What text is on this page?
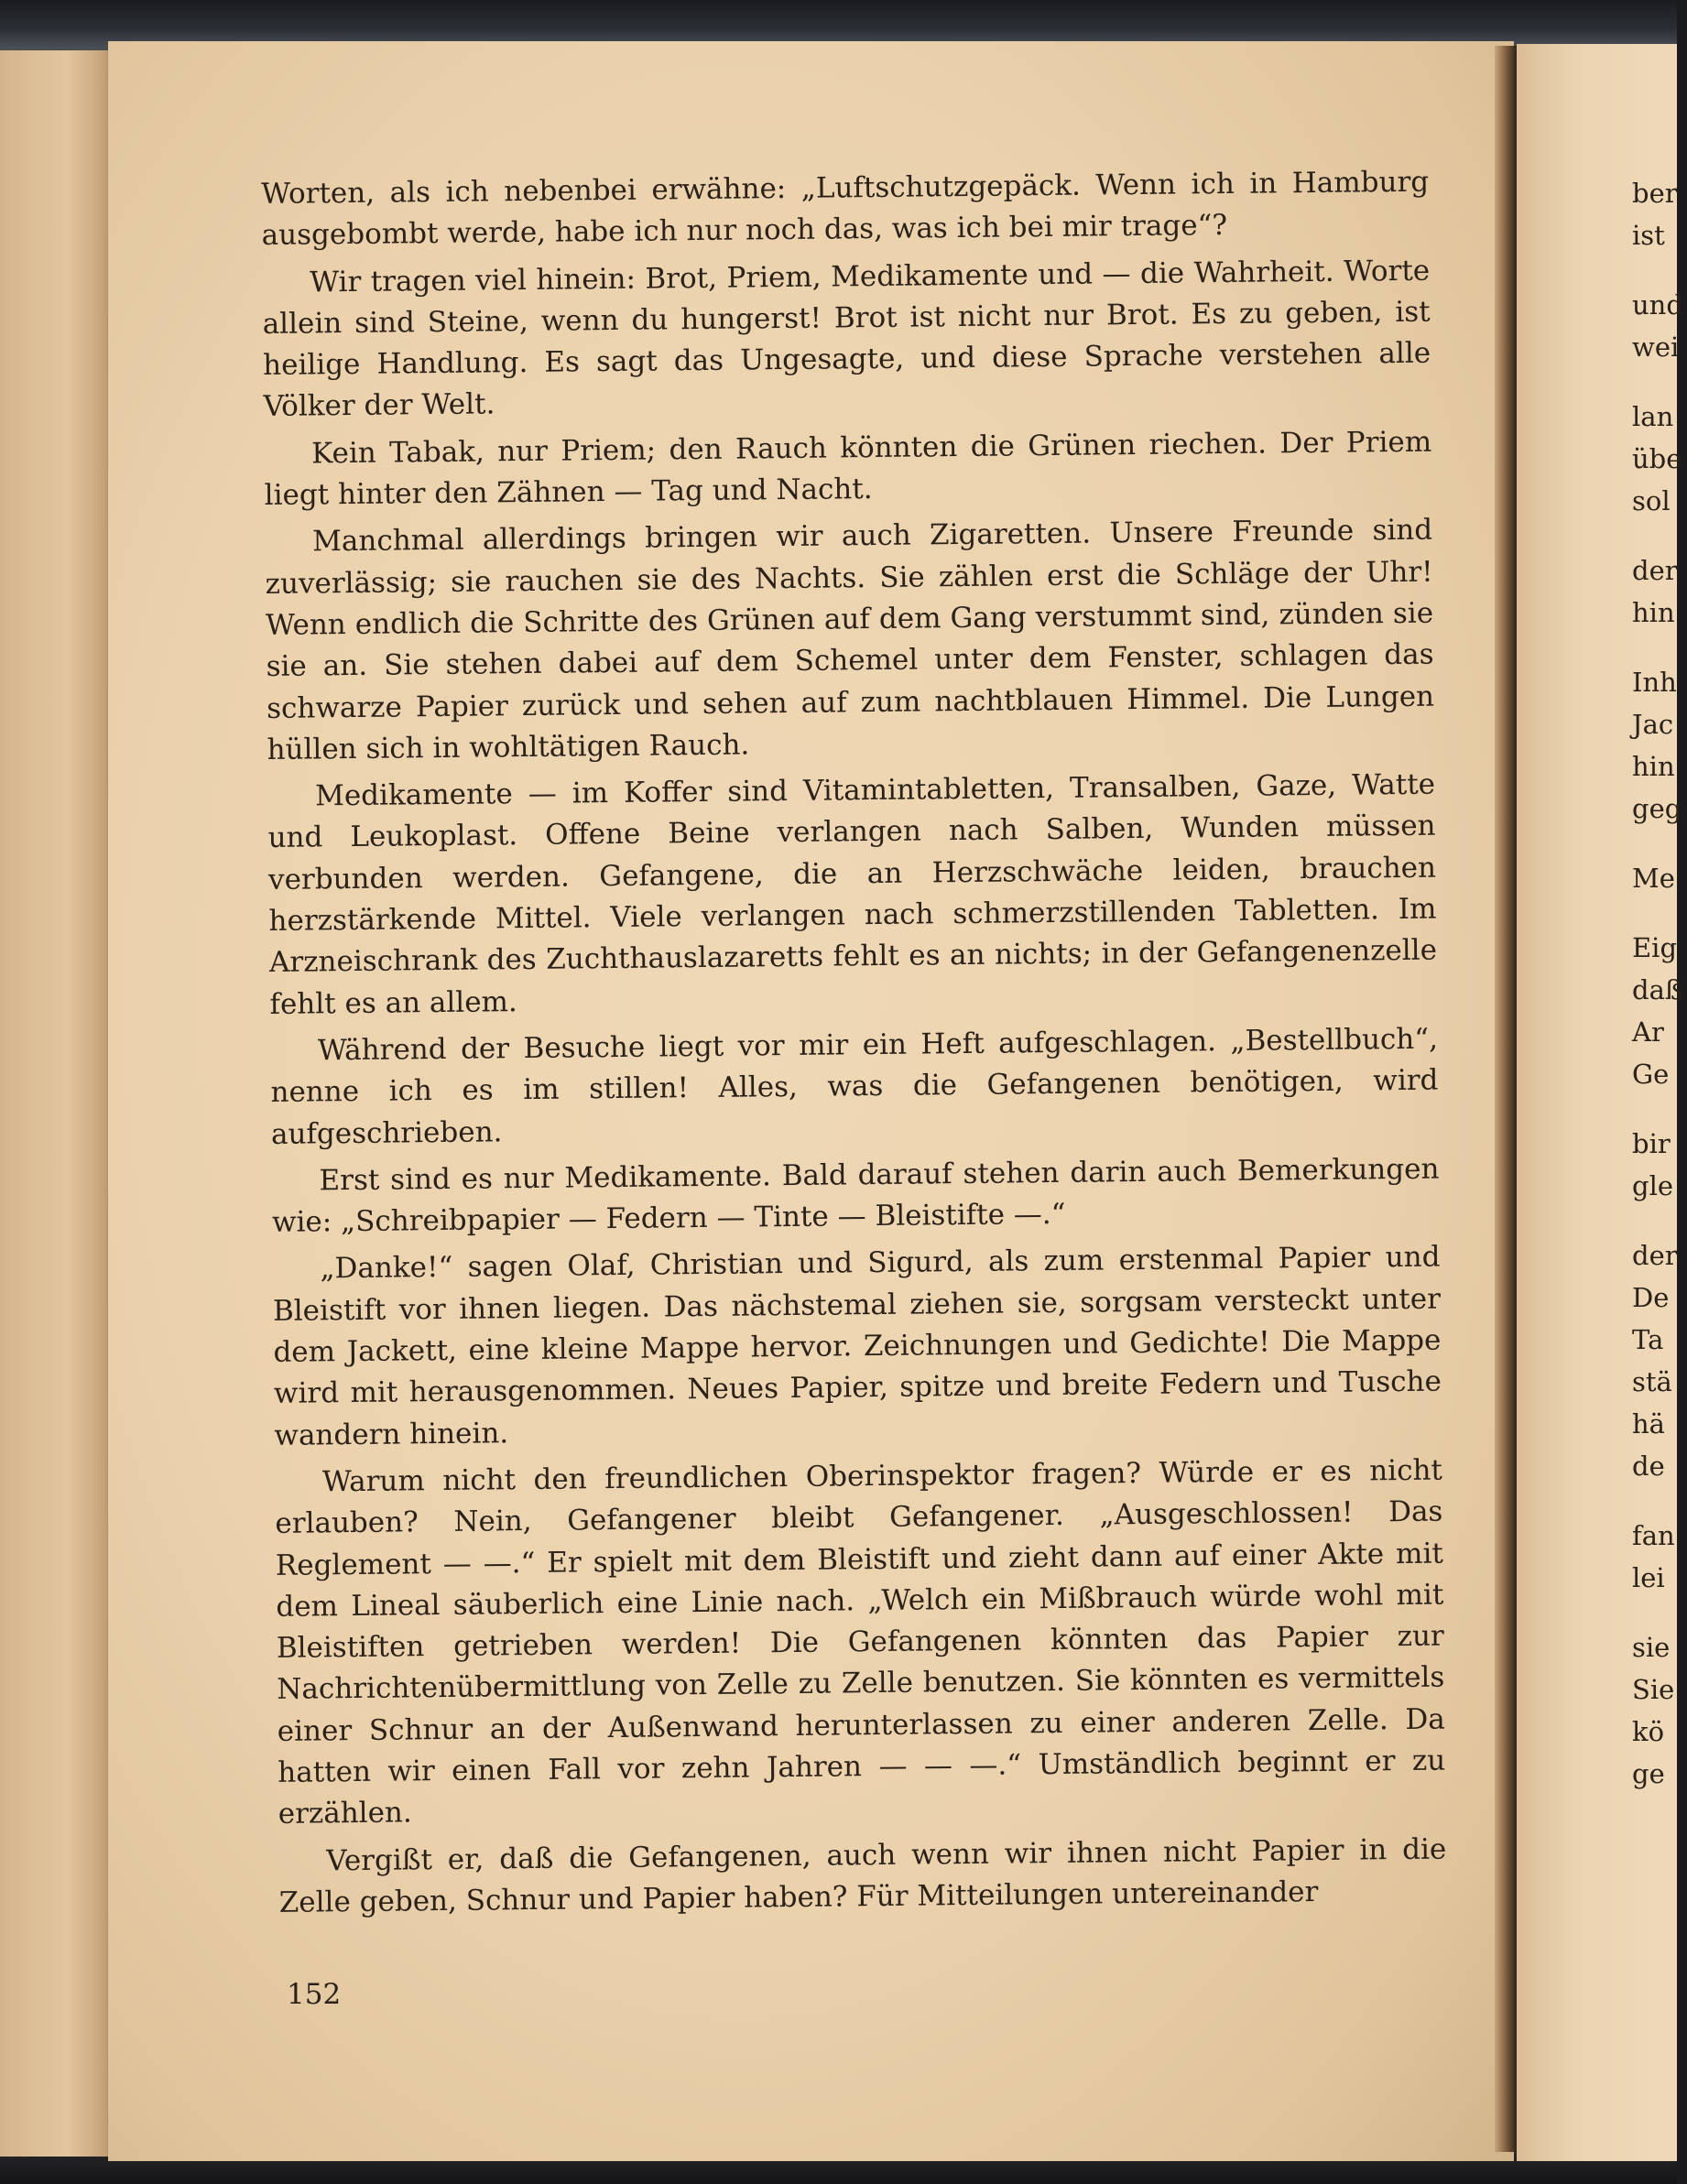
Worten, als ich nebenbei erwähne: „Luftschutzgepäck. Wenn ich in Hamburg ausgebombt werde, habe ich nur noch das, was ich bei mir trage“?

Wir tragen viel hinein: Brot, Priem, Medikamente und — die Wahrheit. Worte allein sind Steine, wenn du hungerst! Brot ist nicht nur Brot. Es zu geben, ist heilige Handlung. Es sagt das Ungesagte, und diese Sprache verstehen alle Völker der Welt.

Kein Tabak, nur Priem; den Rauch könnten die Grünen riechen. Der Priem liegt hinter den Zähnen — Tag und Nacht.

Manchmal allerdings bringen wir auch Zigaretten. Unsere Freunde sind zuverlässig; sie rauchen sie des Nachts. Sie zählen erst die Schläge der Uhr! Wenn endlich die Schritte des Grünen auf dem Gang verstummt sind, zünden sie sie an. Sie stehen dabei auf dem Schemel unter dem Fenster, schlagen das schwarze Papier zurück und sehen auf zum nachtblauen Himmel. Die Lungen hüllen sich in wohltätigen Rauch.

Medikamente — im Koffer sind Vitamintabletten, Transalben, Gaze, Watte und Leukoplast. Offene Beine verlangen nach Salben, Wunden müssen verbunden werden. Gefangene, die an Herzschwäche leiden, brauchen herzstärkende Mittel. Viele verlangen nach schmerzstillenden Tabletten. Im Arzneischrank des Zuchthauslazaretts fehlt es an nichts; in der Gefangenenzelle fehlt es an allem.

Während der Besuche liegt vor mir ein Heft aufgeschlagen. „Bestellbuch“, nenne ich es im stillen! Alles, was die Gefangenen benötigen, wird aufgeschrieben.

Erst sind es nur Medikamente. Bald darauf stehen darin auch Bemerkungen wie: „Schreibpapier — Federn — Tinte — Bleistifte —.“

„Danke!“ sagen Olaf, Christian und Sigurd, als zum erstenmal Papier und Bleistift vor ihnen liegen. Das nächstemal ziehen sie, sorgsam versteckt unter dem Jackett, eine kleine Mappe hervor. Zeichnungen und Gedichte! Die Mappe wird mit herausgenommen. Neues Papier, spitze und breite Federn und Tusche wandern hinein.

Warum nicht den freundlichen Oberinspektor fragen? Würde er es nicht erlauben? Nein, Gefangener bleibt Gefangener. „Ausgeschlossen! Das Reglement — —.“ Er spielt mit dem Bleistift und zieht dann auf einer Akte mit dem Lineal säuberlich eine Linie nach. „Welch ein Mißbrauch würde wohl mit Bleistiften getrieben werden! Die Gefangenen könnten das Papier zur Nachrichtenübermittlung von Zelle zu Zelle benutzen. Sie könnten es vermittels einer Schnur an der Außenwand herunterlassen zu einer anderen Zelle. Da hatten wir einen Fall vor zehn Jahren — — —.“ Umständlich beginnt er zu erzählen.

Vergißt er, daß die Gefangenen, auch wenn wir ihnen nicht Papier in die Zelle geben, Schnur und Papier haben? Für Mitteilungen untereinander

152
ber
ist
und
wei
lan
übe
sol
der
hin
Inh
Jac
hin
geg
Me
Eig
daß
Ar
Ge
bir
gle
der
De
Ta
stä
hä
de
fan
lei
sie
Sie
kö
ge
